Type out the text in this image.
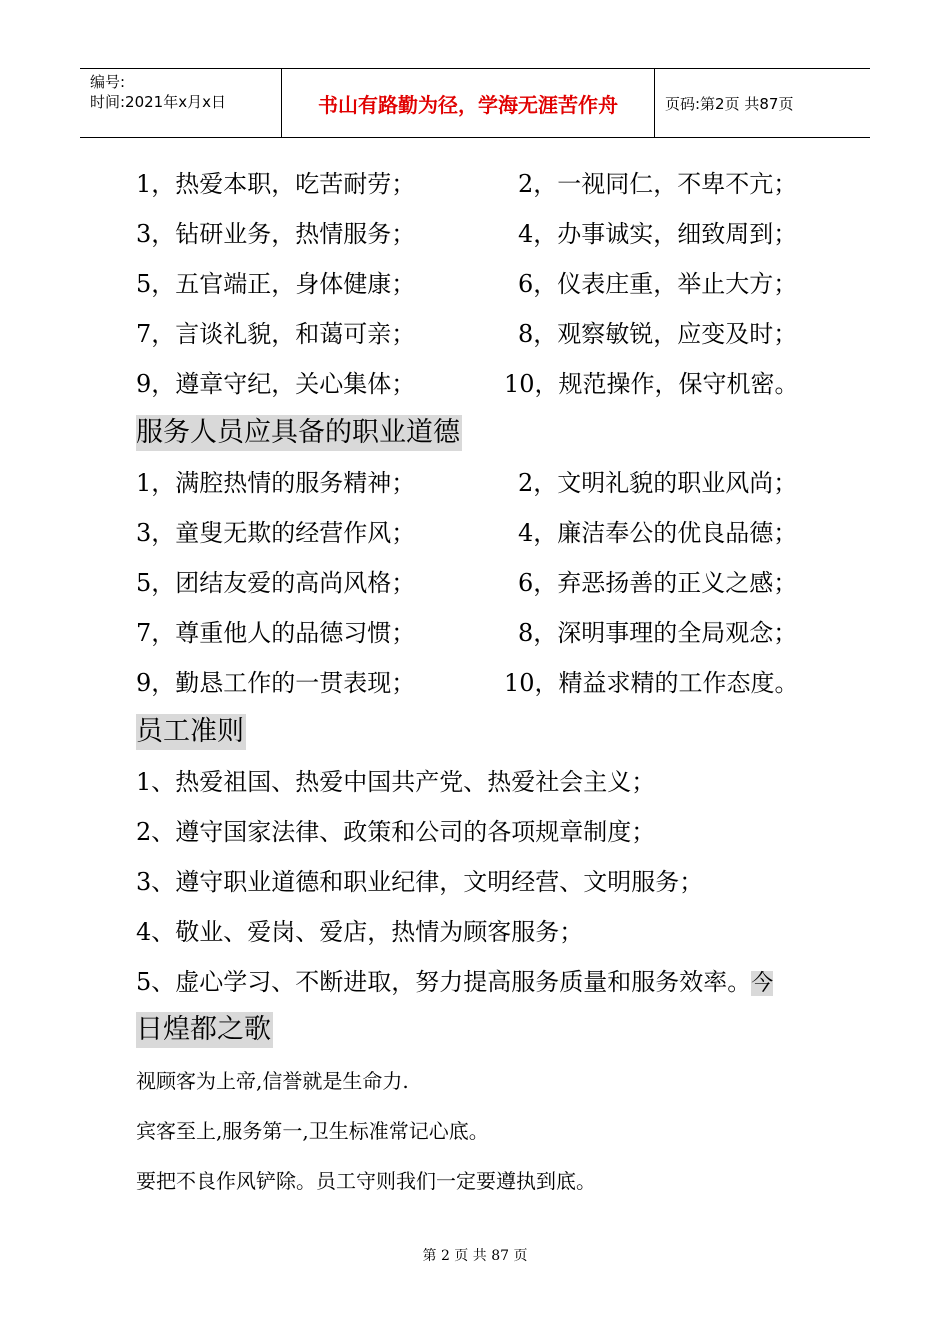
编号:
时间:2021年x月x日	书山有路勤为径，学海无涯苦作舟	页码:第2页 共87页
1，热爱本职，吃苦耐劳；	2，一视同仁，不卑不亢；
3，钻研业务，热情服务；	4，办事诚实，细致周到；
5，五官端正，身体健康；	6，仪表庄重，举止大方；
7，言谈礼貌，和蔼可亲；	8，观察敏锐，应变及时；
9，遵章守纪，关心集体；	10，规范操作，保守机密。
服务人员应具备的职业道德
1，满腔热情的服务精神；	2，文明礼貌的职业风尚；
3，童叟无欺的经营作风；	4，廉洁奉公的优良品德；
5，团结友爱的高尚风格；	6，弃恶扬善的正义之感；
7，尊重他人的品德习惯；	8，深明事理的全局观念；
9，勤恳工作的一贯表现；	10，精益求精的工作态度。
员工准则
1、热爱祖国、热爱中国共产党、热爱社会主义；
2、遵守国家法律、政策和公司的各项规章制度；
3、遵守职业道德和职业纪律，文明经营、文明服务；
4、敬业、爱岗、爱店，热情为顾客服务；
5、虚心学习、不断进取，努力提高服务质量和服务效率。今
日煌都之歌
视顾客为上帝,信誉就是生命力.
宾客至上,服务第一,卫生标准常记心底。
要把不良作风铲除。员工守则我们一定要遵执到底。
第 2 页 共 87 页
